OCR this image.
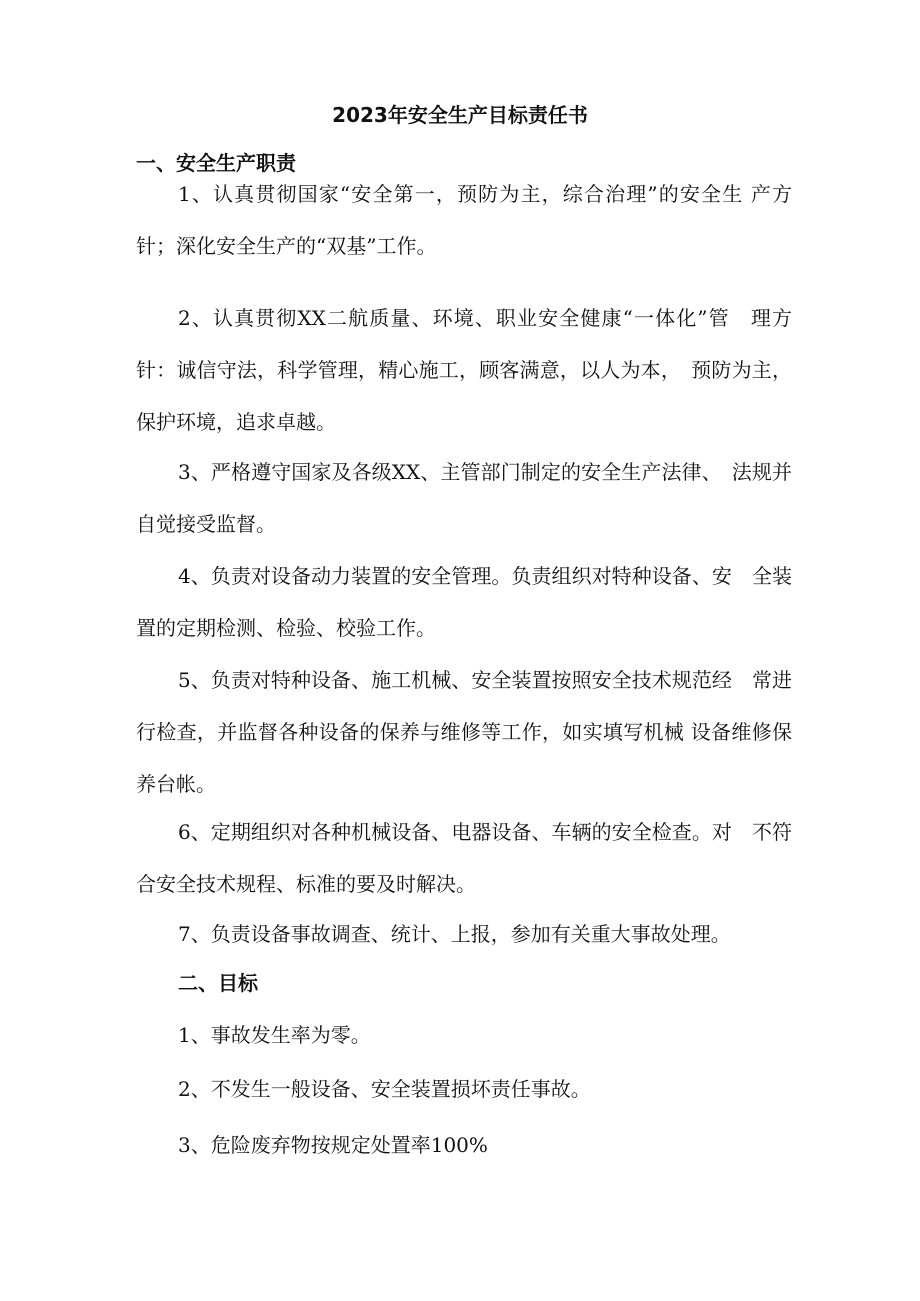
2023年安全生产目标责任书
一、安全生产职责

1、认真贯彻国家“安全第一，预防为主，综合治理”的安全生 产方针；深化安全生产的“双基”工作。

2、认真贯彻XX二航质量、环境、职业安全健康“一体化”管　理方针：诚信守法，科学管理，精心施工，顾客满意，以人为本，　预防为主，保护环境，追求卓越。

3、严格遵守国家及各级XX、主管部门制定的安全生产法律、　法规并自觉接受监督。

4、负责对设备动力装置的安全管理。负责组织对特种设备、安　全装置的定期检测、检验、校验工作。

5、负责对特种设备、施工机械、安全装置按照安全技术规范经　常进行检查，并监督各种设备的保养与维修等工作，如实填写机械 设备维修保养台帐。

6、定期组织对各种机械设备、电器设备、车辆的安全检查。对　不符合安全技术规程、标准的要及时解决。

7、负责设备事故调查、统计、上报，参加有关重大事故处理。

二、目标

1、事故发生率为零。

2、不发生一般设备、安全装置损坏责任事故。

3、危险废弃物按规定处置率100%
